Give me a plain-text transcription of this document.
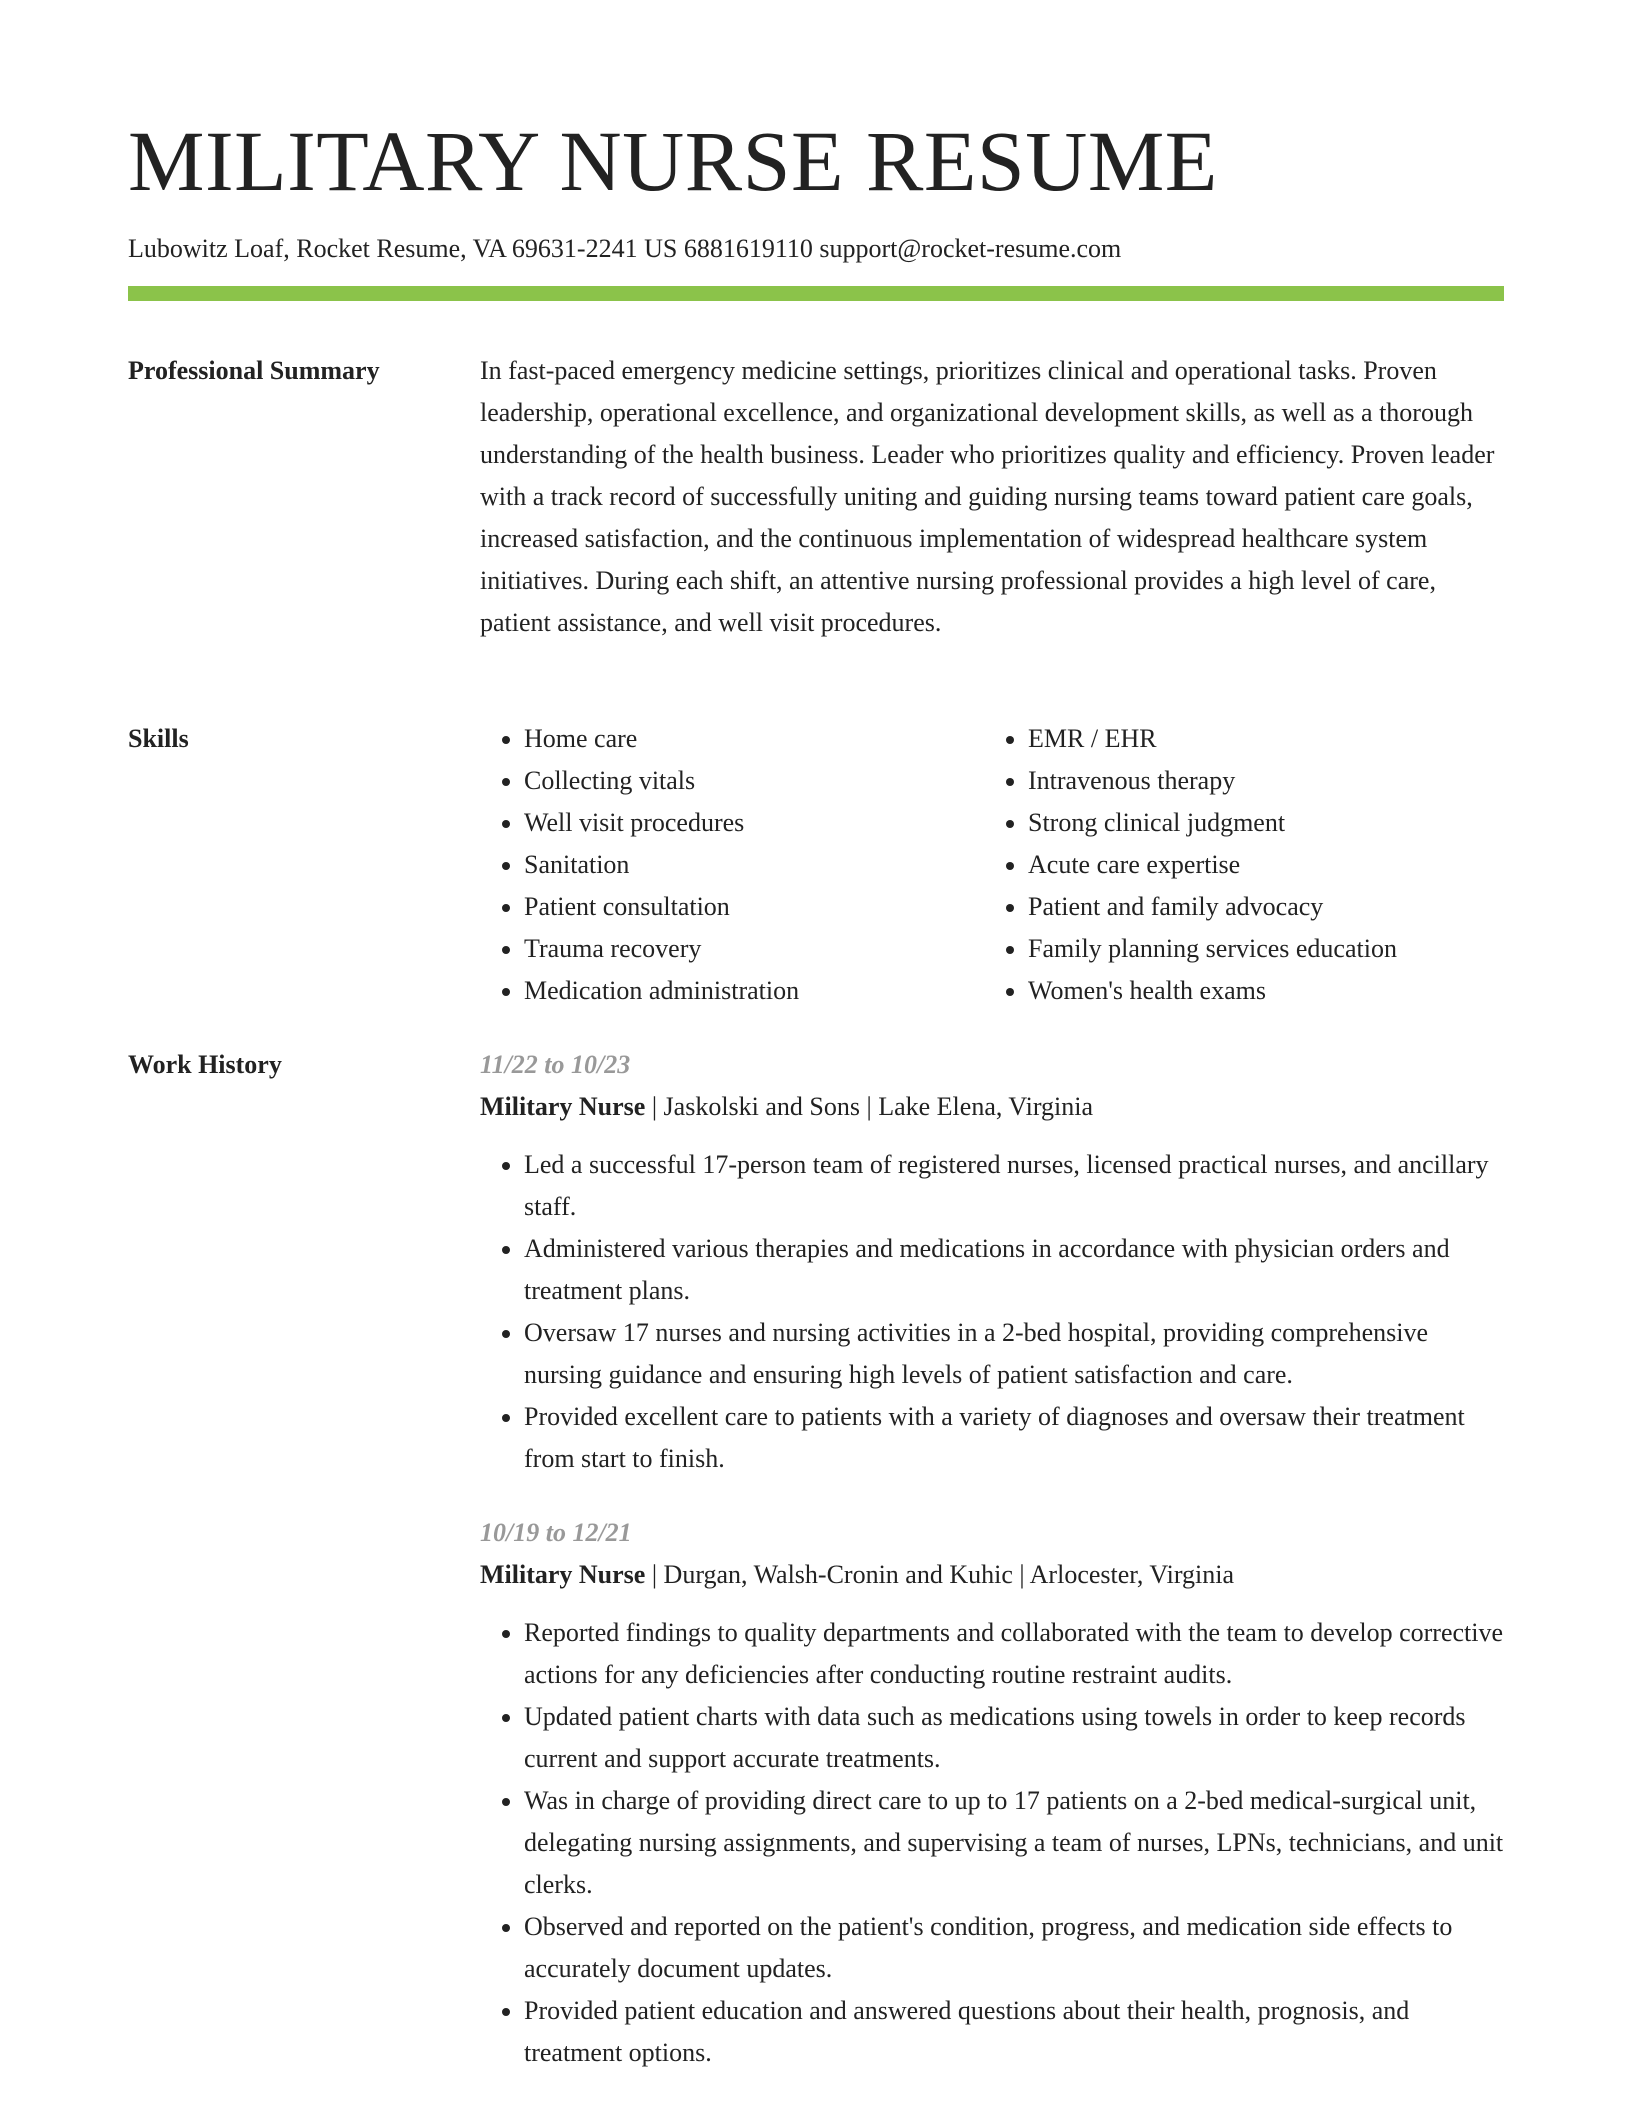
MILITARY NURSE RESUME
Lubowitz Loaf, Rocket Resume, VA 69631-2241 US 6881619110 support@rocket-resume.com
Professional Summary	In fast-paced emergency medicine settings, prioritizes clinical and operational tasks. Proven leadership, operational excellence, and organizational development skills, as well as a thorough understanding of the health business. Leader who prioritizes quality and efficiency. Proven leader with a track record of successfully uniting and guiding nursing teams toward patient care goals, increased satisfaction, and the continuous implementation of widespread healthcare system initiatives. During each shift, an attentive nursing professional provides a high level of care, patient assistance, and well visit procedures.

Skills
•	Home care
• Collecting vitals
• Well visit procedures
• Sanitation
• Patient consultation
• Trauma recovery
• Medication administration
• EMR / EHR
• Intravenous therapy
• Strong clinical judgment
• Acute care expertise
• Patient and family advocacy
• Family planning services education
• Women's health exams
Work History	11/22 to 10/23
Military Nurse | Jaskolski and Sons | Lake Elena, Virginia
• Led a successful 17-person team of registered nurses, licensed practical nurses, and ancillary staff.
• Administered various therapies and medications in accordance with physician orders and treatment plans.
• Oversaw 17 nurses and nursing activities in a 2-bed hospital, providing comprehensive nursing guidance and ensuring high levels of patient satisfaction and care.
• Provided excellent care to patients with a variety of diagnoses and oversaw their treatment from start to finish.
10/19 to 12/21
Military Nurse | Durgan, Walsh-Cronin and Kuhic | Arlocester, Virginia
• Reported findings to quality departments and collaborated with the team to develop corrective actions for any deficiencies after conducting routine restraint audits.
• Updated patient charts with data such as medications using towels in order to keep records current and support accurate treatments.
• Was in charge of providing direct care to up to 17 patients on a 2-bed medical-surgical unit, delegating nursing assignments, and supervising a team of nurses, LPNs, technicians, and unit clerks.
• Observed and reported on the patient's condition, progress, and medication side effects to accurately document updates.
• Provided patient education and answered questions about their health, prognosis, and treatment options.
